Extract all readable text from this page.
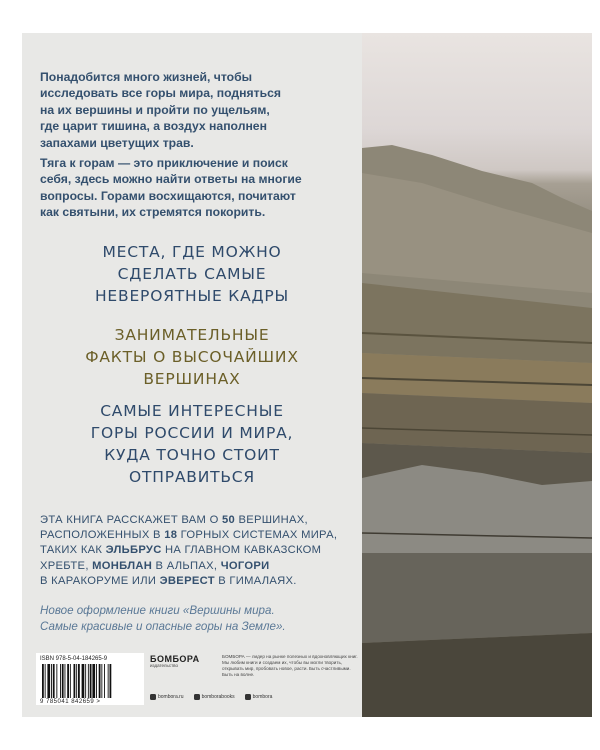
Понадобится много жизней, чтобы
исследовать все горы мира, подняться
на их вершины и пройти по ущельям,
где царит тишина, а воздух наполнен
запахами цветущих трав.
Тяга к горам — это приключение и поиск
себя, здесь можно найти ответы на многие
вопросы. Горами восхищаются, почитают
как святыни, их стремятся покорить.
МЕСТА, ГДЕ МОЖНО
СДЕЛАТЬ САМЫЕ
НЕВЕРОЯТНЫЕ КАДРЫ
ЗАНИМАТЕЛЬНЫЕ
ФАКТЫ О ВЫСОЧАЙШИХ
ВЕРШИНАХ
САМЫЕ ИНТЕРЕСНЫЕ
ГОРЫ РОССИИ И МИРА,
КУДА ТОЧНО СТОИТ
ОТПРАВИТЬСЯ
ЭТА КНИГА РАССКАЖЕТ ВАМ О 50 ВЕРШИНАХ,
РАСПОЛОЖЕННЫХ В 18 ГОРНЫХ СИСТЕМАХ МИРА,
ТАКИХ КАК ЭЛЬБРУС НА ГЛАВНОМ КАВКАЗСКОМ
ХРЕБТЕ, МОНБЛАН В АЛЬПАХ, ЧОГОРИ
В КАРАКОРУМЕ ИЛИ ЭВЕРЕСТ В ГИМАЛАЯХ.
Новое оформление книги «Вершины мира.
Самые красивые и опасные горы на Земле».
ISBN 978-5-04-184265-9
9 785041 842659 >
БОМБОРА
издательство
БОМБОРА — лидер на рынке полезных и вдохновляющих книг. Мы любим книги и создаем их, чтобы вы могли творить, открывать мир, пробовать новое, расти. Быть счастливыми. Быть на волне.
bombora.ru	bomborabooks	bombora
